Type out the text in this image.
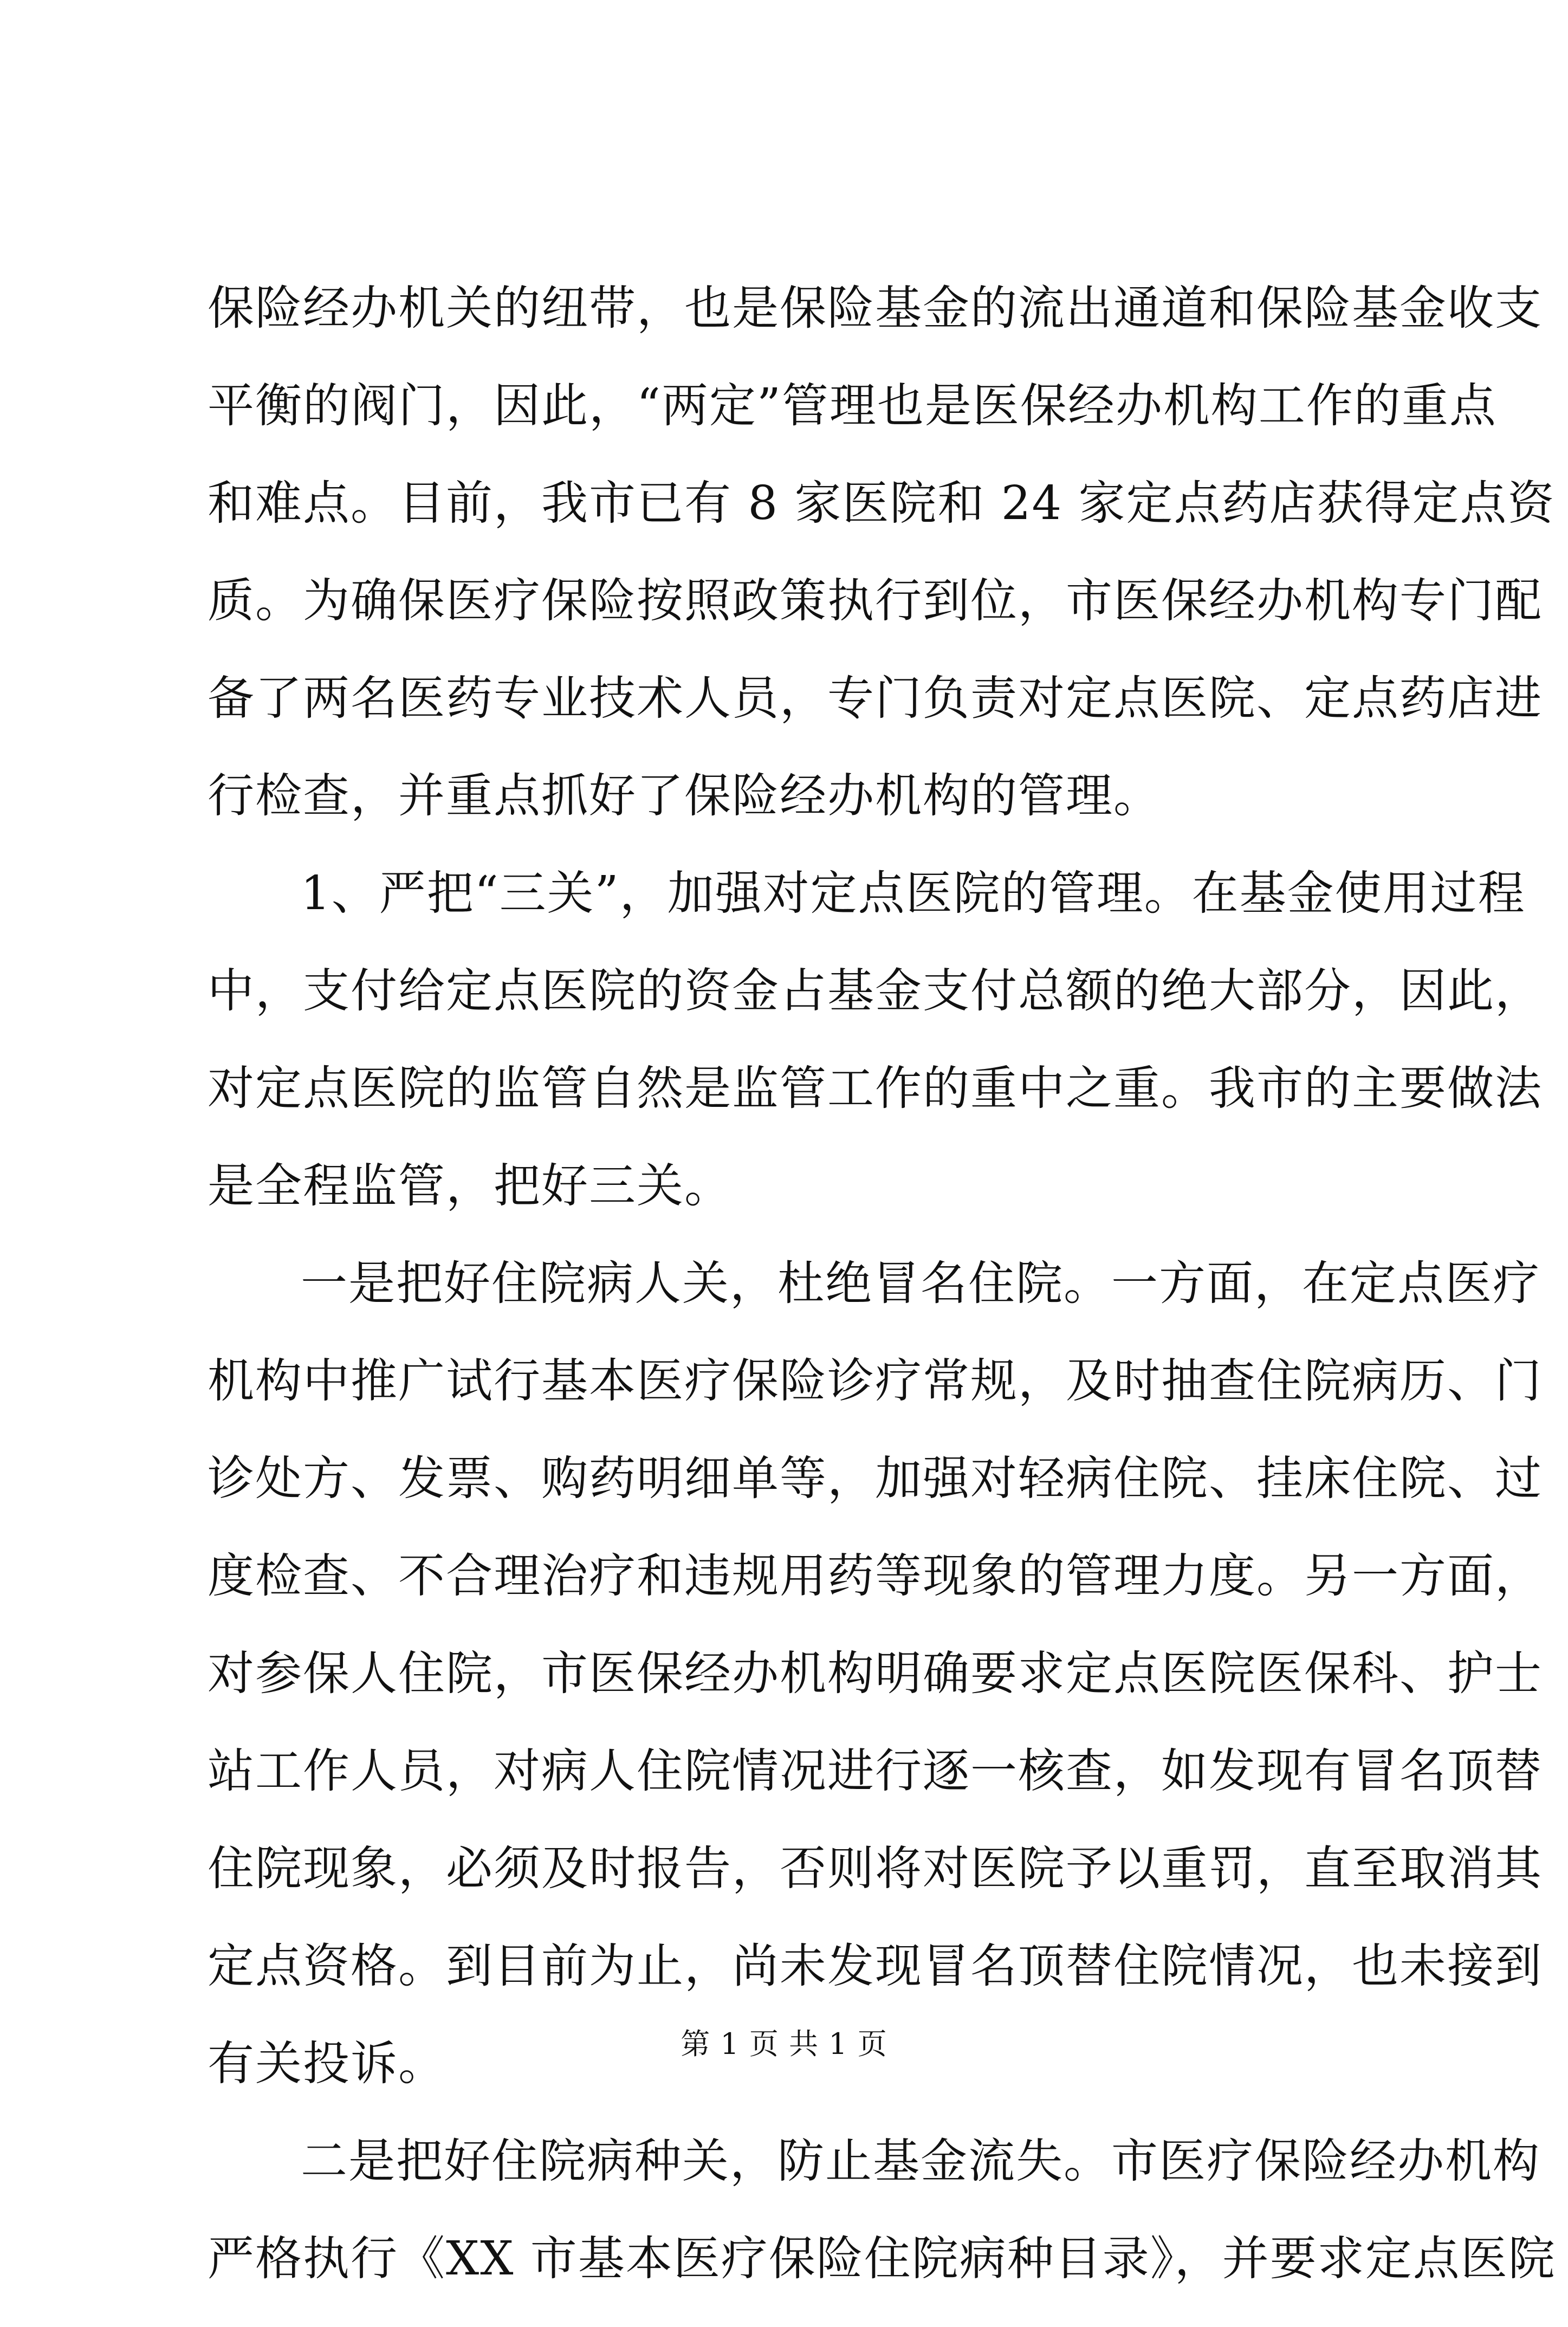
保险经办机关的纽带，也是保险基金的流出通道和保险基金收支
平衡的阀门，因此，“两定”管理也是医保经办机构工作的重点
和难点。目前，我市已有 8 家医院和 24 家定点药店获得定点资
质。为确保医疗保险按照政策执行到位，市医保经办机构专门配
备了两名医药专业技术人员，专门负责对定点医院、定点药店进
行检查，并重点抓好了保险经办机构的管理。
1、严把“三关”，加强对定点医院的管理。在基金使用过程
中，支付给定点医院的资金占基金支付总额的绝大部分，因此，
对定点医院的监管自然是监管工作的重中之重。我市的主要做法
是全程监管，把好三关。
一是把好住院病人关，杜绝冒名住院。一方面，在定点医疗
机构中推广试行基本医疗保险诊疗常规，及时抽查住院病历、门
诊处方、发票、购药明细单等，加强对轻病住院、挂床住院、过
度检查、不合理治疗和违规用药等现象的管理力度。另一方面，
对参保人住院，市医保经办机构明确要求定点医院医保科、护士
站工作人员，对病人住院情况进行逐一核查，如发现有冒名顶替
住院现象，必须及时报告，否则将对医院予以重罚，直至取消其
定点资格。到目前为止，尚未发现冒名顶替住院情况，也未接到
有关投诉。
二是把好住院病种关，防止基金流失。市医疗保险经办机构
严格执行《XX 市基本医疗保险住院病种目录》，并要求定点医院
第 1 页 共 1 页
